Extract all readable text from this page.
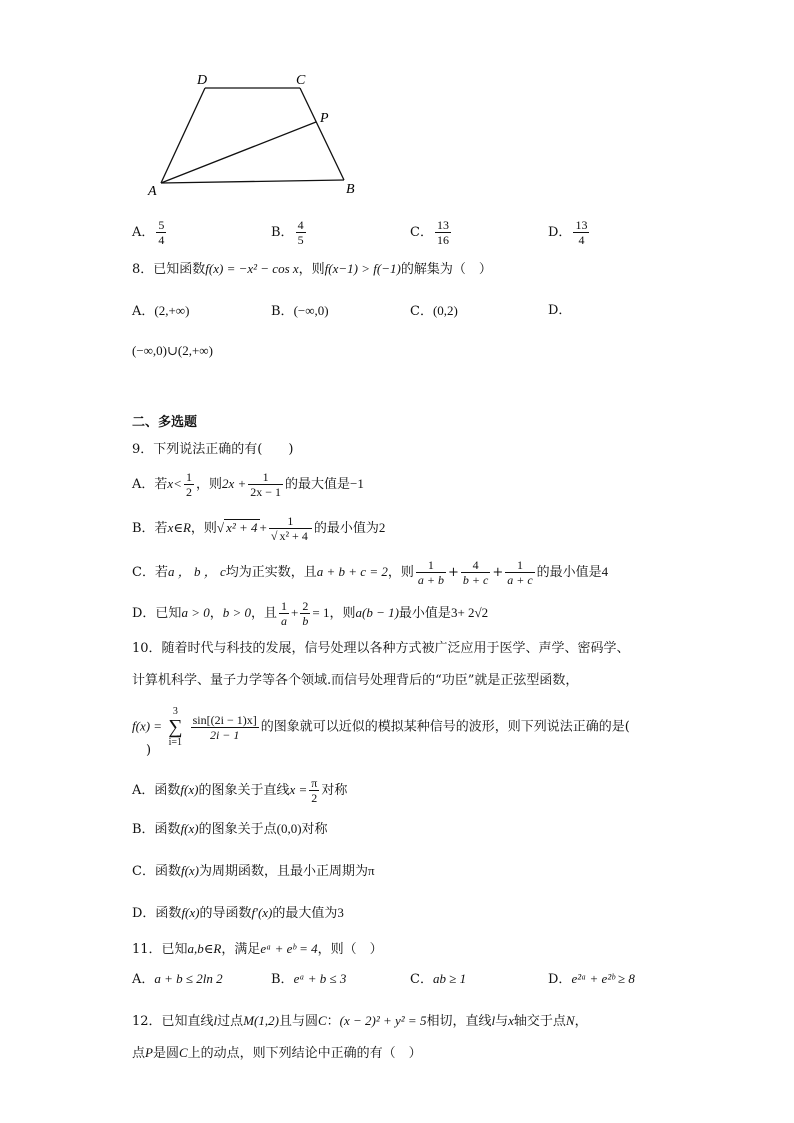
D	C
P
A	B
A． $\frac{5}{4}$	B． $\frac{4}{5}$	C． $\frac{13}{16}$	D． $\frac{13}{4}$
8．已知函数f(x) = −x² − cos x，则f(x−1) > f(−1)的解集为（　）
A．(2,+∞)	B．(−∞,0)	C．(0,2)	D．
(−∞,0)∪(2,+∞)
二、多选题
9．下列说法正确的有(　　)
A．若$x< \frac{1}{2}$ ，则$2x + \frac{1}{2x - 1}$ 的最大值是−1
B．若x∈R，则√ $x^2 + 4 + \frac{1}{\text{√ x² + 4}}$ 的最小值为2
C．若a ， b ， c均为正实数，且a + b + c = 2，则 $\frac{1}{a + b} + \frac{4}{b + c} + \frac{1}{a + c}$ 的最小值是4
D．已知a > 0，b > 0，且 $\frac{1}{a} + \frac{2}{b} = 1$，则a(b − 1)最小值是3+ 2√2
10．随着时代与科技的发展，信号处理以各种方式被广泛应用于医学、声学、密码学、
计算机科学、量子力学等各个领域.而信号处理背后的“功臣”就是正弦型函数，
f(x) = 3
∑
i=1
$\frac{\sin[(2i - 1)x]}{2i - 1}$ 的图象就可以近似的模拟某种信号的波形，则下列说法正确的是(
)
A．函数f(x)的图象关于直线$x = \frac{\pi}{2}$ 对称
B．函数f(x)的图象关于点(0,0)对称
C．函数f(x)为周期函数，且最小正周期为π
D．函数f(x)的导函数f′(x)的最大值为3
11．已知a,b∈R，满足eᵃ + eᵇ = 4，则（　）
A．a + b ≤ 2ln 2	B．eᵃ + b ≤ 3	C．ab ≥ 1	D．e²ᵃ + e²ᵇ ≥ 8
12．已知直线l过点M(1,2)且与圆C：(x − 2)² + y² = 5相切，直线l与x轴交于点N，
点P是圆C上的动点，则下列结论中正确的有（　）
